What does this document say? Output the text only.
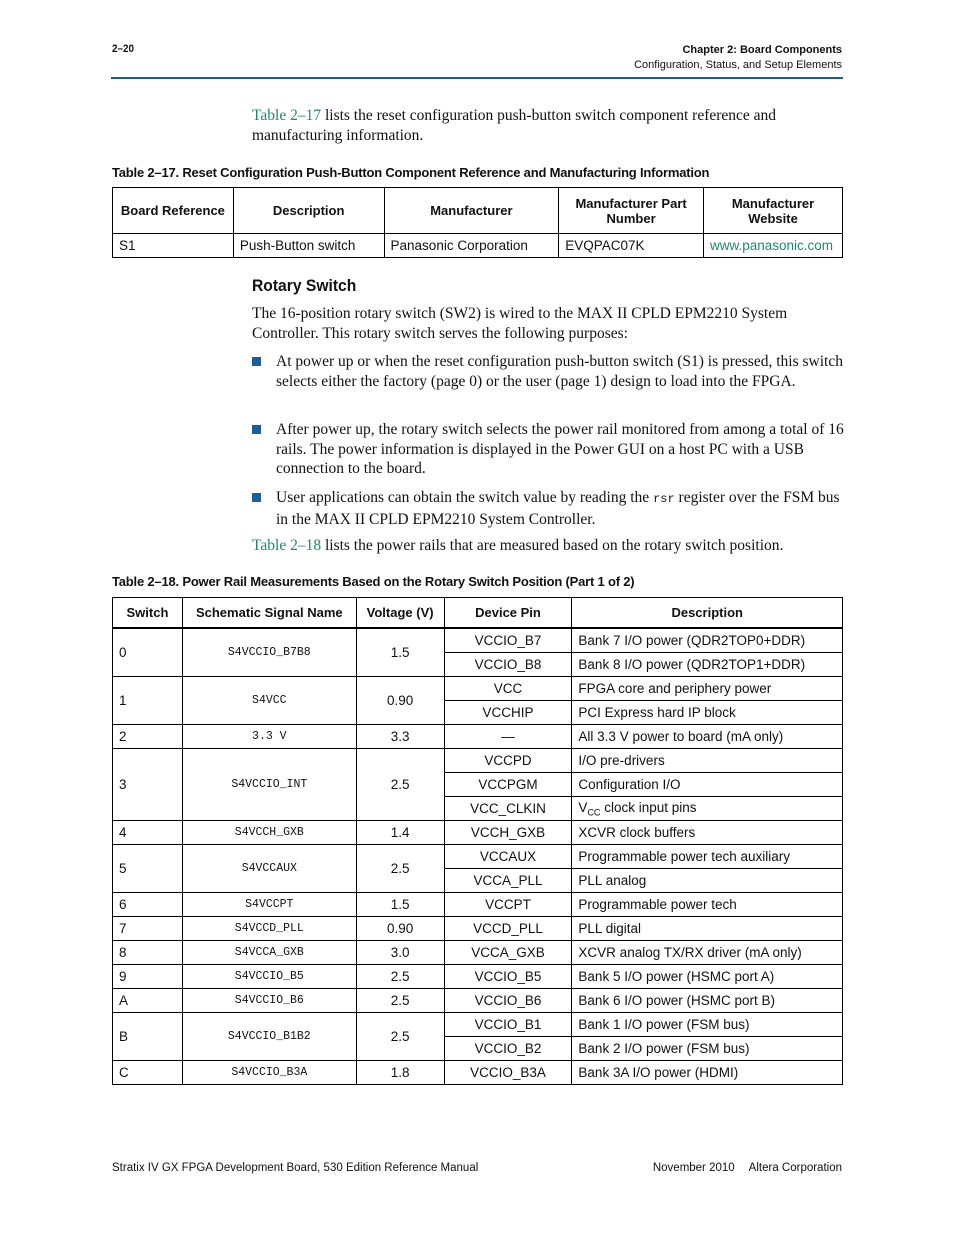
2–20	Chapter 2: Board Components
Configuration, Status, and Setup Elements
Table 2–17 lists the reset configuration push-button switch component reference and manufacturing information.
Table 2–17. Reset Configuration Push-Button Component Reference and Manufacturing Information
Board Reference	Description	Manufacturer	Manufacturer Part Number	Manufacturer Website
S1	Push-Button switch	Panasonic Corporation	EVQPAC07K	www.panasonic.com
Rotary Switch
The 16-position rotary switch (SW2) is wired to the MAX II CPLD EPM2210 System Controller. This rotary switch serves the following purposes:
At power up or when the reset configuration push-button switch (S1) is pressed, this switch selects either the factory (page 0) or the user (page 1) design to load into the FPGA.
After power up, the rotary switch selects the power rail monitored from among a total of 16 rails. The power information is displayed in the Power GUI on a host PC with a USB connection to the board.
User applications can obtain the switch value by reading the rsr register over the FSM bus in the MAX II CPLD EPM2210 System Controller.
Table 2–18 lists the power rails that are measured based on the rotary switch position.
Table 2–18. Power Rail Measurements Based on the Rotary Switch Position (Part 1 of 2)
Switch	Schematic Signal Name	Voltage (V)	Device Pin	Description
0	S4VCCIO_B7B8	1.5	VCCIO_B7	Bank 7 I/O power (QDR2TOP0+DDR)
			VCCIO_B8	Bank 8 I/O power (QDR2TOP1+DDR)
1	S4VCC	0.90	VCC	FPGA core and periphery power
			VCCHIP	PCI Express hard IP block
2	3.3 V	3.3	—	All 3.3 V power to board (mA only)
3	S4VCCIO_INT	2.5	VCCPD	I/O pre-drivers
			VCCPGM	Configuration I/O
			VCC_CLKIN	$V_{CC}$ clock input pins
4	S4VCCH_GXB	1.4	VCCH_GXB	XCVR clock buffers
5	S4VCCAUX	2.5	VCCAUX	Programmable power tech auxiliary
			VCCA_PLL	PLL analog
6	S4VCCPT	1.5	VCCPT	Programmable power tech
7	S4VCCD_PLL	0.90	VCCD_PLL	PLL digital
8	S4VCCA_GXB	3.0	VCCA_GXB	XCVR analog TX/RX driver (mA only)
9	S4VCCIO_B5	2.5	VCCIO_B5	Bank 5 I/O power (HSMC port A)
A	S4VCCIO_B6	2.5	VCCIO_B6	Bank 6 I/O power (HSMC port B)
B	S4VCCIO_B1B2	2.5	VCCIO_B1	Bank 1 I/O power (FSM bus)
			VCCIO_B2	Bank 2 I/O power (FSM bus)
C	S4VCCIO_B3A	1.8	VCCIO_B3A	Bank 3A I/O power (HDMI)
Stratix IV GX FPGA Development Board, 530 Edition Reference Manual	November 2010 Altera Corporation
